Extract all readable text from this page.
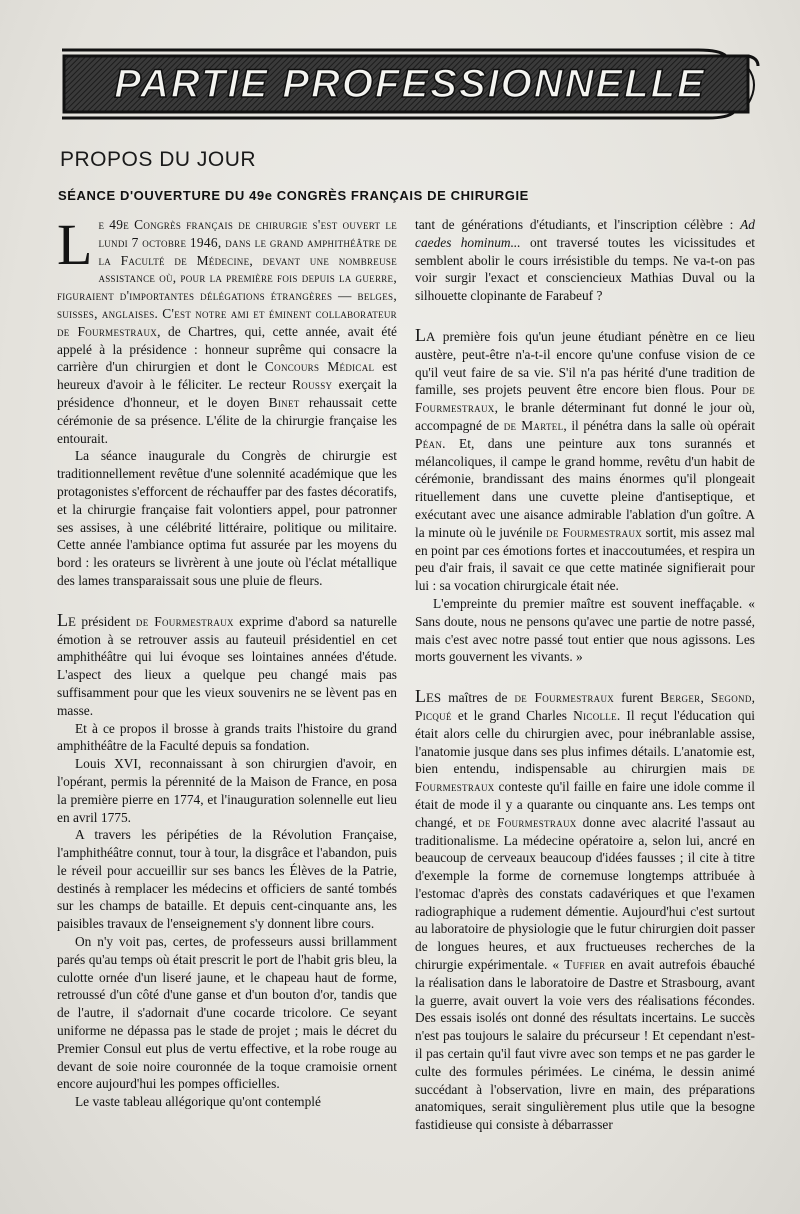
PARTIE PROFESSIONNELLE
PROPOS DU JOUR
SÉANCE D'OUVERTURE DU 49e CONGRÈS FRANÇAIS DE CHIRURGIE

Le 49e Congrès français de chirurgie s'est ouvert le lundi 7 octobre 1946, dans le grand amphithéâtre de la Faculté de Médecine, devant une nombreuse assistance où, pour la première fois depuis la guerre, figuraient d'importantes délégations étrangères — belges, suisses, anglaises. C'est notre ami et éminent collaborateur de Fourmestraux, de Chartres, qui, cette année, avait été appelé à la présidence : honneur suprême qui consacre la carrière d'un chirurgien et dont le Concours Médical est heureux d'avoir à le féliciter. Le recteur Roussy exerçait la présidence d'honneur, et le doyen Binet rehaussait cette cérémonie de sa présence. L'élite de la chirurgie française les entourait.

La séance inaugurale du Congrès de chirurgie est traditionnellement revêtue d'une solennité académique que les protagonistes s'efforcent de réchauffer par des fastes décoratifs, et la chirurgie française fait volontiers appel, pour patronner ses assises, à une célébrité littéraire, politique ou militaire. Cette année l'ambiance optima fut assurée par les moyens du bord : les orateurs se livrèrent à une joute où l'éclat métallique des lames transparaissait sous une pluie de fleurs.

Le président de Fourmestraux exprime d'abord sa naturelle émotion à se retrouver assis au fauteuil présidentiel en cet amphithéâtre qui lui évoque ses lointaines années d'étude. L'aspect des lieux a quelque peu changé mais pas suffisamment pour que les vieux souvenirs ne se lèvent pas en masse.

Et à ce propos il brosse à grands traits l'histoire du grand amphithéâtre de la Faculté depuis sa fondation.

Louis XVI, reconnaissant à son chirurgien d'avoir, en l'opérant, permis la pérennité de la Maison de France, en posa la première pierre en 1774, et l'inauguration solennelle eut lieu en avril 1775.

A travers les péripéties de la Révolution Française, l'amphithéâtre connut, tour à tour, la disgrâce et l'abandon, puis le réveil pour accueillir sur ses bancs les Élèves de la Patrie, destinés à remplacer les médecins et officiers de santé tombés sur les champs de bataille. Et depuis cent-cinquante ans, les paisibles travaux de l'enseignement s'y donnent libre cours.

On n'y voit pas, certes, de professeurs aussi brillamment parés qu'au temps où était prescrit le port de l'habit gris bleu, la culotte ornée d'un liseré jaune, et le chapeau haut de forme, retroussé d'un côté d'une ganse et d'un bouton d'or, tandis que de l'autre, il s'adornait d'une cocarde tricolore. Ce seyant uniforme ne dépassa pas le stade de projet ; mais le décret du Premier Consul eut plus de vertu effective, et la robe rouge au devant de soie noire couronnée de la toque cramoisie ornent encore aujourd'hui les pompes officielles.

Le vaste tableau allégorique qu'ont contemplé

tant de générations d'étudiants, et l'inscription célèbre : Ad caedes hominum... ont traversé toutes les vicissitudes et semblent abolir le cours irrésistible du temps. Ne va-t-on pas voir surgir l'exact et consciencieux Mathias Duval ou la silhouette clopinante de Farabeuf ?

La première fois qu'un jeune étudiant pénètre en ce lieu austère, peut-être n'a-t-il encore qu'une confuse vision de ce qu'il veut faire de sa vie. S'il n'a pas hérité d'une tradition de famille, ses projets peuvent être encore bien flous. Pour de Fourmestraux, le branle déterminant fut donné le jour où, accompagné de de Martel, il pénétra dans la salle où opérait Péan. Et, dans une peinture aux tons surannés et mélancoliques, il campe le grand homme, revêtu d'un habit de cérémonie, brandissant des mains énormes qu'il plongeait rituellement dans une cuvette pleine d'antiseptique, et exécutant avec une aisance admirable l'ablation d'un goître. A la minute où le juvénile de Fourmestraux sortit, mis assez mal en point par ces émotions fortes et inaccoutumées, et respira un peu d'air frais, il savait ce que cette matinée signifierait pour lui : sa vocation chirurgicale était née.

L'empreinte du premier maître est souvent ineffaçable. « Sans doute, nous ne pensons qu'avec une partie de notre passé, mais c'est avec notre passé tout entier que nous agissons. Les morts gouvernent les vivants. »

Les maîtres de de Fourmestraux furent Berger, Segond, Picqué et le grand Charles Nicolle. Il reçut l'éducation qui était alors celle du chirurgien avec, pour inébranlable assise, l'anatomie jusque dans ses plus infimes détails. L'anatomie est, bien entendu, indispensable au chirurgien mais de Fourmestraux conteste qu'il faille en faire une idole comme il était de mode il y a quarante ou cinquante ans. Les temps ont changé, et de Fourmestraux donne avec alacrité l'assaut au traditionalisme. La médecine opératoire a, selon lui, ancré en beaucoup de cerveaux beaucoup d'idées fausses ; il cite à titre d'exemple la forme de cornemuse longtemps attribuée à l'estomac d'après des constats cadavériques et que l'examen radiographique a rudement démentie. Aujourd'hui c'est surtout au laboratoire de physiologie que le futur chirurgien doit passer de longues heures, et aux fructueuses recherches de la chirurgie expérimentale. « Tuffier en avait autrefois ébauché la réalisation dans le laboratoire de Dastre et Strasbourg, avant la guerre, avait ouvert la voie vers des réalisations fécondes. Des essais isolés ont donné des résultats incertains. Le succès n'est pas toujours le salaire du précurseur ! Et cependant n'est-il pas certain qu'il faut vivre avec son temps et ne pas garder le culte des formules périmées. Le cinéma, le dessin animé succédant à l'observation, livre en main, des préparations anatomiques, serait singulièrement plus utile que la besogne fastidieuse qui consiste à débarrasser
